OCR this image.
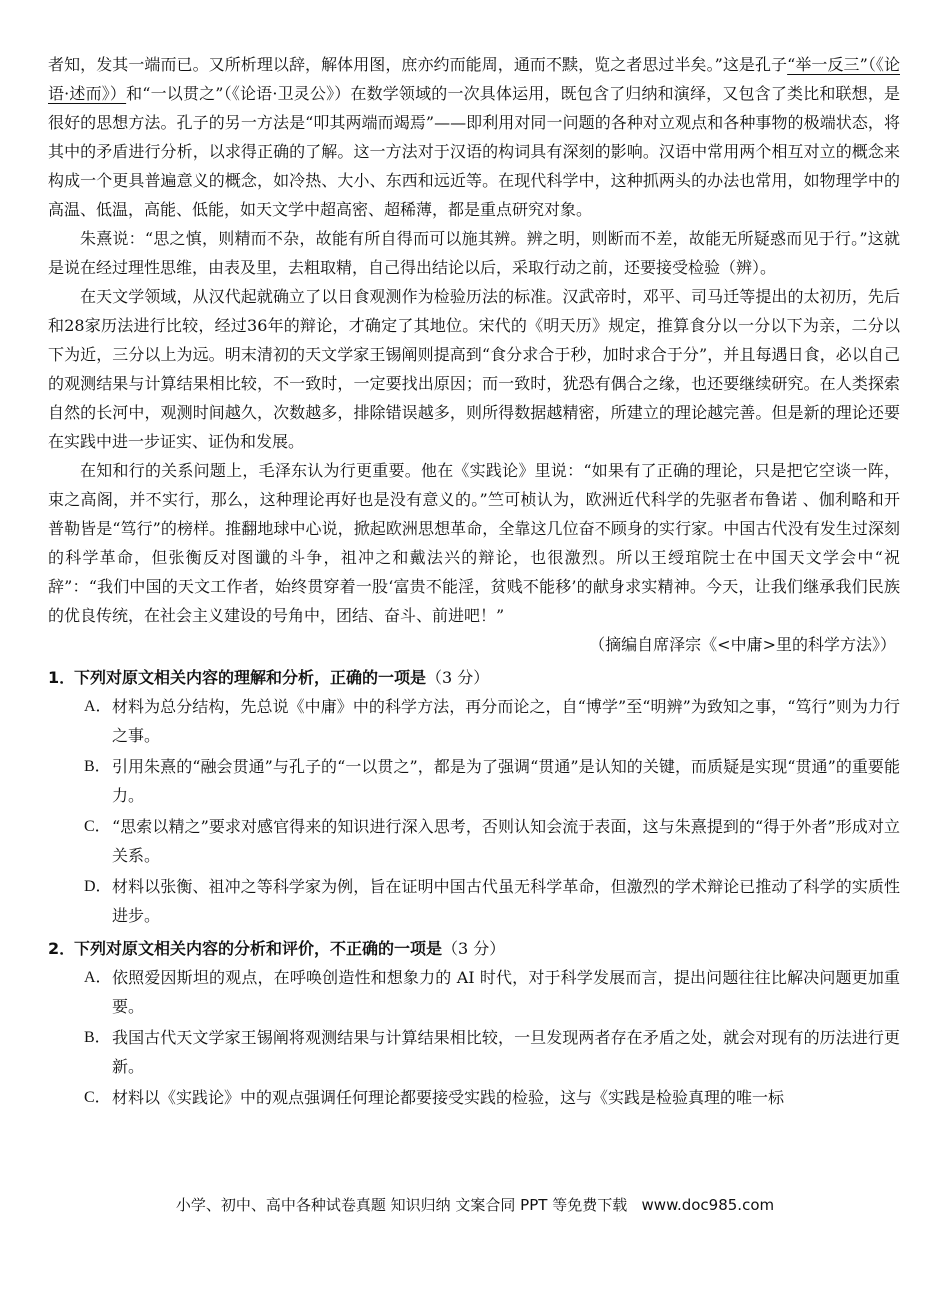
者知，发其一端而已。又所析理以辞，解体用图，庶亦约而能周，通而不黩，览之者思过半矣。”这是孔子“举一反三”（《论语·述而》）和“一以贯之”（《论语·卫灵公》）在数学领域的一次具体运用，既包含了归纳和演绎，又包含了类比和联想，是很好的思想方法。孔子的另一方法是“叩其两端而竭焉”——即利用对同一问题的各种对立观点和各种事物的极端状态，将其中的矛盾进行分析，以求得正确的了解。这一方法对于汉语的构词具有深刻的影响。汉语中常用两个相互对立的概念来构成一个更具普遍意义的概念，如冷热、大小、东西和远近等。在现代科学中，这种抓两头的办法也常用，如物理学中的高温、低温，高能、低能，如天文学中超高密、超稀薄，都是重点研究对象。

朱熹说：“思之慎，则精而不杂，故能有所自得而可以施其辨。辨之明，则断而不差，故能无所疑惑而见于行。”这就是说在经过理性思维，由表及里，去粗取精，自己得出结论以后，采取行动之前，还要接受检验（辨）。

在天文学领域，从汉代起就确立了以日食观测作为检验历法的标准。汉武帝时，邓平、司马迁等提出的太初历，先后和28家历法进行比较，经过36年的辩论，才确定了其地位。宋代的《明天历》规定，推算食分以一分以下为亲，二分以下为近，三分以上为远。明末清初的天文学家王锡阐则提高到“食分求合于秒，加时求合于分”，并且每遇日食，必以自己的观测结果与计算结果相比较，不一致时，一定要找出原因；而一致时，犹恐有偶合之缘，也还要继续研究。在人类探索自然的长河中，观测时间越久，次数越多，排除错误越多，则所得数据越精密，所建立的理论越完善。但是新的理论还要在实践中进一步证实、证伪和发展。

在知和行的关系问题上，毛泽东认为行更重要。他在《实践论》里说：“如果有了正确的理论，只是把它空谈一阵，束之高阁，并不实行，那么，这种理论再好也是没有意义的。”竺可桢认为，欧洲近代科学的先驱者布鲁诺 、伽利略和开普勒皆是“笃行”的榜样。推翻地球中心说，掀起欧洲思想革命，全靠这几位奋不顾身的实行家。中国古代没有发生过深刻的科学革命，但张衡反对图谶的斗争，祖冲之和戴法兴的辩论，也很激烈。所以王绶琯院士在中国天文学会中“祝辞”：“我们中国的天文工作者，始终贯穿着一股‘富贵不能淫，贫贱不能移’的献身求实精神。今天，让我们继承我们民族的优良传统，在社会主义建设的号角中，团结、奋斗、前进吧！”

（摘编自席泽宗《<中庸>里的科学方法》）

1．
下列对原文相关内容的理解和分析，正确的一项是（3 分）

A． 材料为总分结构，先总说《中庸》中的科学方法，再分而论之，自“博学”至“明辨”为致知之事，“笃行”则为力行之事。
B． 引用朱熹的“融会贯通”与孔子的“一以贯之”，都是为了强调“贯通”是认知的关键，而质疑是实现“贯通”的重要能力。
C． “思索以精之”要求对感官得来的知识进行深入思考，否则认知会流于表面，这与朱熹提到的“得于外者”形成对立关系。
D． 材料以张衡、祖冲之等科学家为例，旨在证明中国古代虽无科学革命，但激烈的学术辩论已推动了科学的实质性进步。

2．
下列对原文相关内容的分析和评价，不正确的一项是（3 分）

A． 依照爱因斯坦的观点，在呼唤创造性和想象力的 AI 时代，对于科学发展而言，提出问题往往比解决问题更加重要。
B． 我国古代天文学家王锡阐将观测结果与计算结果相比较，一旦发现两者存在矛盾之处，就会对现有的历法进行更新。
C． 材料以《实践论》中的观点强调任何理论都要接受实践的检验，这与《实践是检验真理的唯一标
小学、初中、高中各种试卷真题 知识归纳 文案合同 PPT 等免费下载 www.doc985.com
